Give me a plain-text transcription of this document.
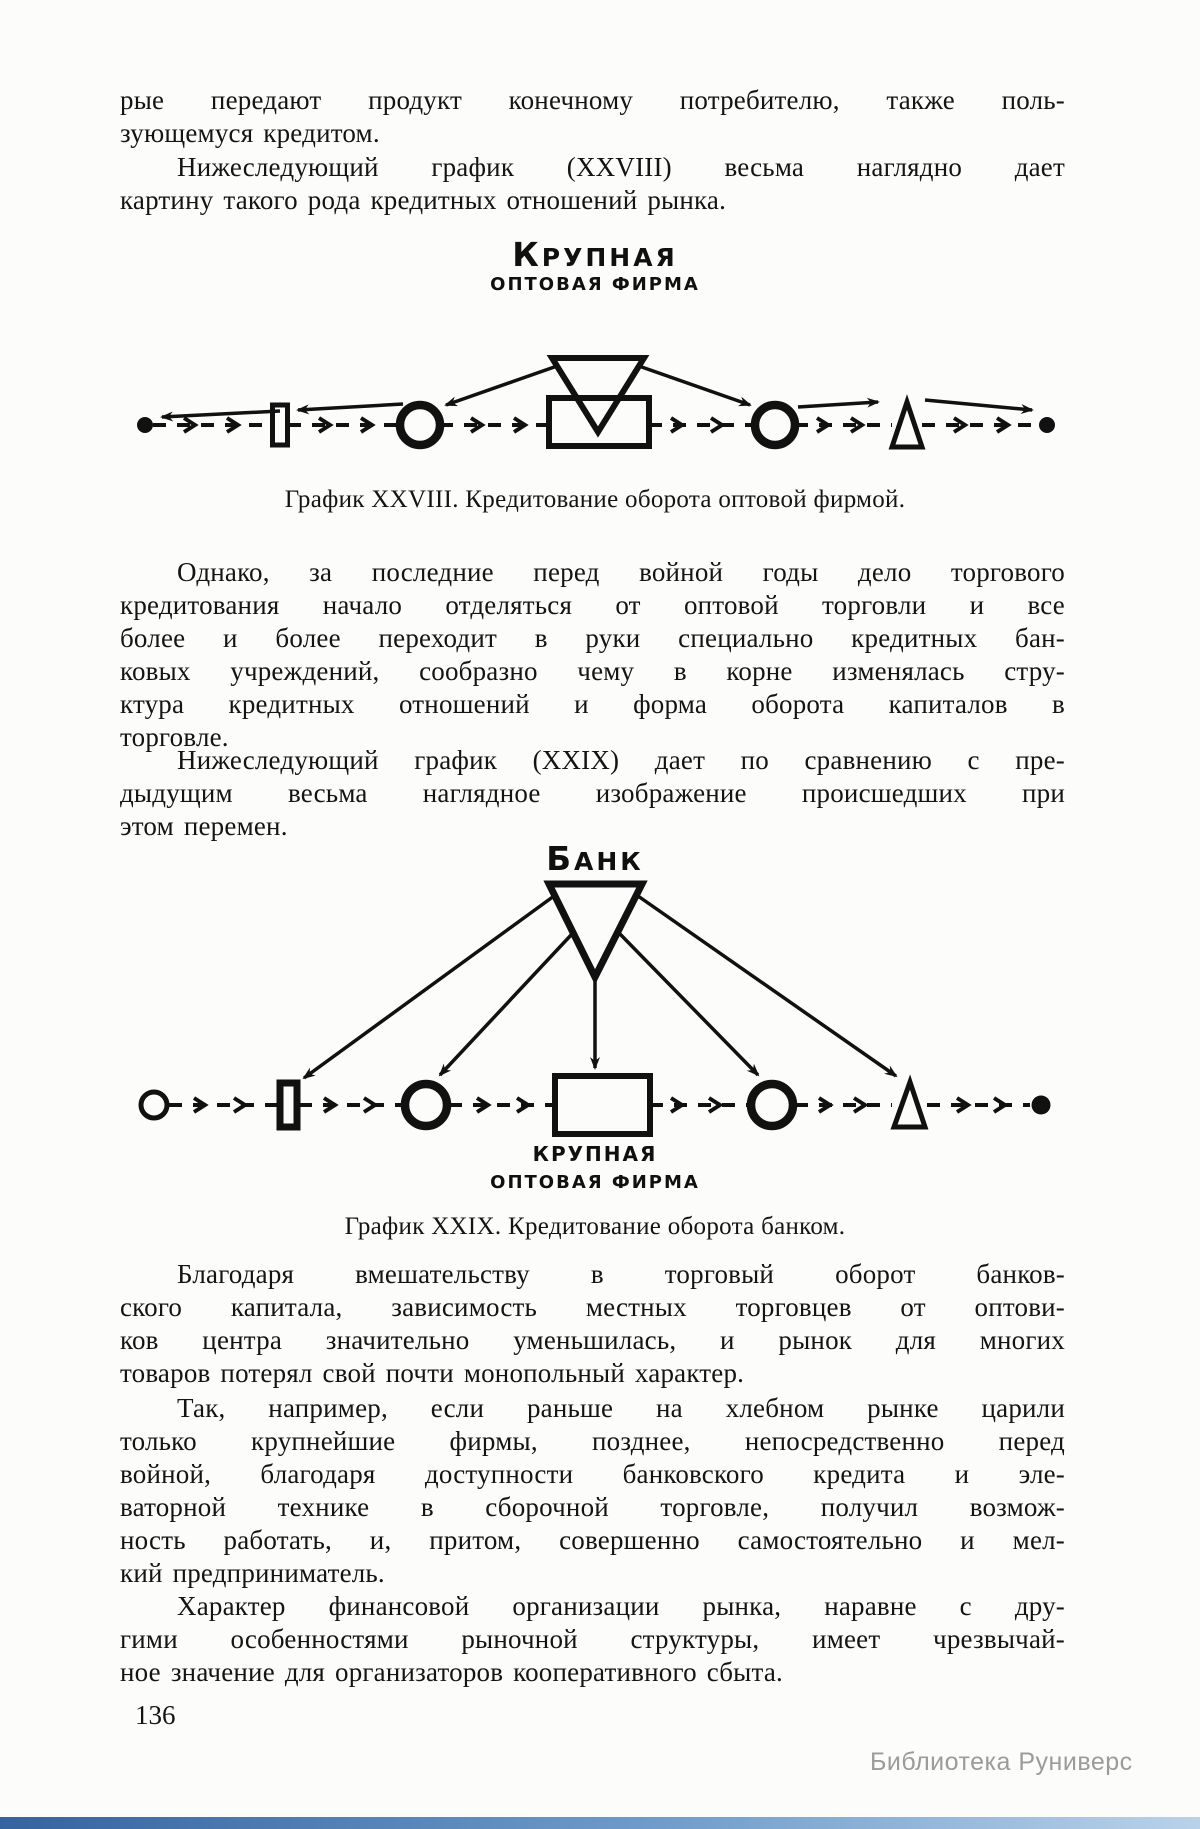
рые передают продукт конечному потребителю, также поль-
зующемуся кредитом.
Нижеследующий график (XXVIII) весьма наглядно дает
картину такого рода кредитных отношений рынка.
КРУПНАЯ
ОПТОВАЯ ФИРМА
График XXVIII. Кредитование оборота оптовой фирмой.
Однако, за последние перед войной годы дело торгового
кредитования начало отделяться от оптовой торговли и все
более и более переходит в руки специально кредитных бан-
ковых учреждений, сообразно чему в корне изменялась стру-
ктура кредитных отношений и форма оборота капиталов в
торговле.
Нижеследующий график (XXIX) дает по сравнению с пре-
дыдущим весьма наглядное изображение происшедших при
этом перемен.
БАНК
КРУПНАЯ
ОПТОВАЯ ФИРМА
График XXIX. Кредитование оборота банком.
Благодаря вмешательству в торговый оборот банков-
ского капитала, зависимость местных торговцев от оптови-
ков центра значительно уменьшилась, и рынок для многих
товаров потерял свой почти монопольный характер.
Так, например, если раньше на хлебном рынке царили
только крупнейшие фирмы, позднее, непосредственно перед
войной, благодаря доступности банковского кредита и эле-
ваторной технике в сборочной торговле, получил возмож-
ность работать, и, притом, совершенно самостоятельно и мел-
кий предприниматель.
Характер финансовой организации рынка, наравне с дру-
гими особенностями рыночной структуры, имеет чрезвычай-
ное значение для организаторов кооперативного сбыта.
136
Библиотека Руниверс
